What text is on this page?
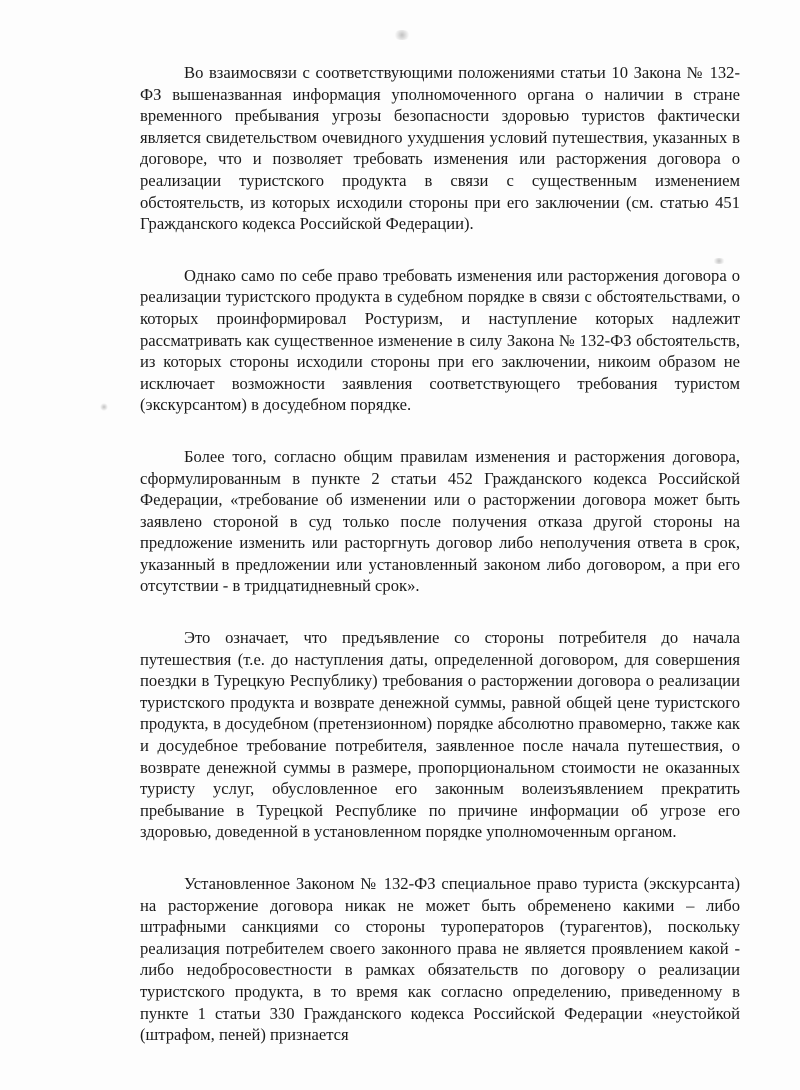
Во взаимосвязи с соответствующими положениями статьи 10 Закона № 132-ФЗ вышеназванная информация уполномоченного органа о наличии в стране временного пребывания угрозы безопасности здоровью туристов фактически является свидетельством очевидного ухудшения условий путешествия, указанных в договоре, что и позволяет требовать изменения или расторжения договора о реализации туристского продукта в связи с существенным изменением обстоятельств, из которых исходили стороны при его заключении (см. статью 451 Гражданского кодекса Российской Федерации).

Однако само по себе право требовать изменения или расторжения договора о реализации туристского продукта в судебном порядке в связи с обстоятельствами, о которых проинформировал Ростуризм, и наступление которых надлежит рассматривать как существенное изменение в силу Закона № 132-ФЗ обстоятельств, из которых стороны исходили стороны при его заключении, никоим образом не исключает возможности заявления соответствующего требования туристом (экскурсантом) в досудебном порядке.

Более того, согласно общим правилам изменения и расторжения договора, сформулированным в пункте 2 статьи 452 Гражданского кодекса Российской Федерации, «требование об изменении или о расторжении договора может быть заявлено стороной в суд только после получения отказа другой стороны на предложение изменить или расторгнуть договор либо неполучения ответа в срок, указанный в предложении или установленный законом либо договором, а при его отсутствии - в тридцатидневный срок».

Это означает, что предъявление со стороны потребителя до начала путешествия (т.е. до наступления даты, определенной договором, для совершения поездки в Турецкую Республику) требования о расторжении договора о реализации туристского продукта и возврате денежной суммы, равной общей цене туристского продукта, в досудебном (претензионном) порядке абсолютно правомерно, также как и досудебное требование потребителя, заявленное после начала путешествия, о возврате денежной суммы в размере, пропорциональном стоимости не оказанных туристу услуг, обусловленное его законным волеизъявлением прекратить пребывание в Турецкой Республике по причине информации об угрозе его здоровью, доведенной в установленном порядке уполномоченным органом.

Установленное Законом № 132-ФЗ специальное право туриста (экскурсанта) на расторжение договора никак не может быть обременено какими – либо штрафными санкциями со стороны туроператоров (турагентов), поскольку реализация потребителем своего законного права не является проявлением какой - либо недобросовестности в рамках обязательств по договору о реализации туристского продукта, в то время как согласно определению, приведенному в пункте 1 статьи 330 Гражданского кодекса Российской Федерации «неустойкой (штрафом, пеней) признается
